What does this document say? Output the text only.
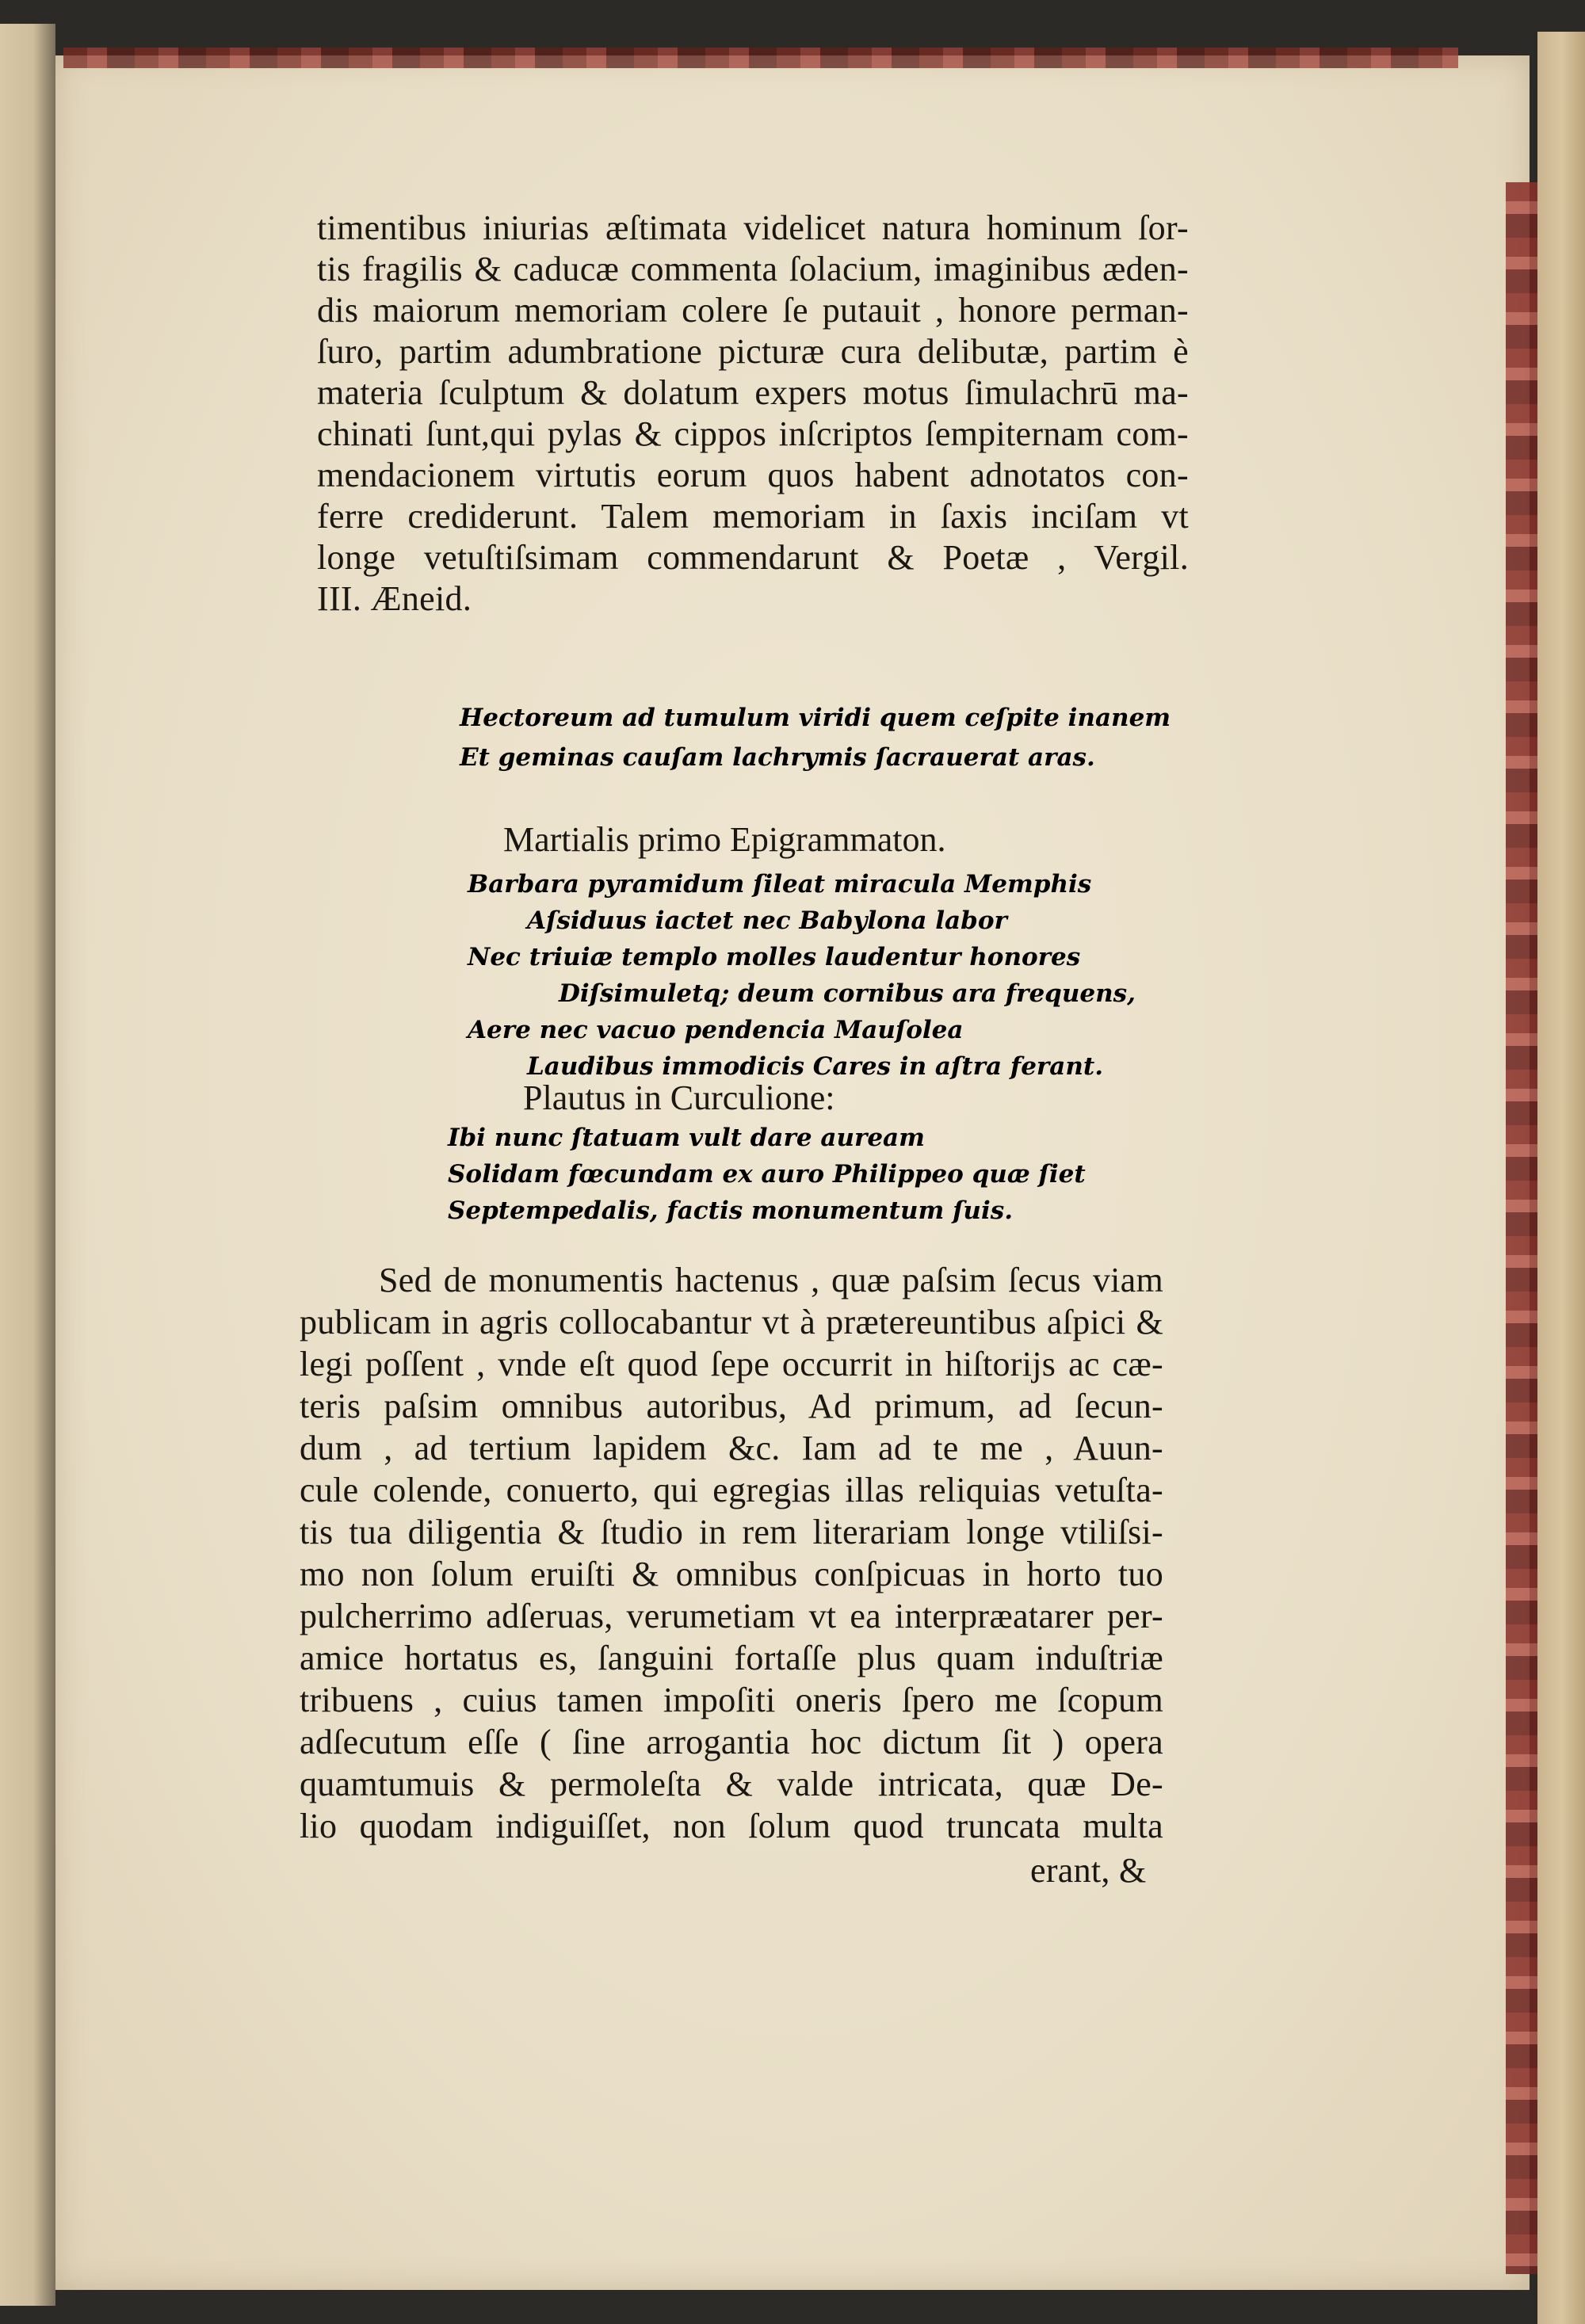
timentibus iniurias æſtimata videlicet natura hominum ſor-
tis fragilis & caducæ commenta ſolacium, imaginibus æden-
dis maiorum memoriam colere ſe putauit , honore perman-
ſuro, partim adumbratione picturæ cura delibutæ, partim è
materia ſculptum & dolatum expers motus ſimulachrū ma-
chinati ſunt,qui pylas & cippos inſcriptos ſempiternam com-
mendacionem virtutis eorum quos habent adnotatos con-
ferre crediderunt. Talem memoriam in ſaxis inciſam vt
longe vetuſtiſsimam commendarunt & Poetæ , Vergil.
III. Æneid.
Hectoreum ad tumulum viridi quem ceſpite inanem
Et geminas cauſam lachrymis ſacrauerat aras.
Martialis primo Epigrammaton.
Barbara pyramidum ſileat miracula Memphis
Aſsiduus iactet nec Babylona labor
Nec triuiæ templo molles laudentur honores
Diſsimuletq; deum cornibus ara frequens,
Aere nec vacuo pendencia Mauſolea
Laudibus immodicis Cares in aſtra ferant.
Plautus in Curculione:
Ibi nunc ſtatuam vult dare auream
Solidam fœcundam ex auro Philippeo quæ ſiet
Septempedalis, factis monumentum ſuis.
Sed de monumentis hactenus , quæ paſsim ſecus viam
publicam in agris collocabantur vt à prætereuntibus aſpici &
legi poſſent , vnde eſt quod ſepe occurrit in hiſtorijs ac cæ-
teris paſsim omnibus autoribus, Ad primum, ad ſecun-
dum , ad tertium lapidem &c. Iam ad te me , Auun-
cule colende, conuerto, qui egregias illas reliquias vetuſta-
tis tua diligentia & ſtudio in rem literariam longe vtiliſsi-
mo non ſolum eruiſti & omnibus conſpicuas in horto tuo
pulcherrimo adſeruas, verumetiam vt ea interpræatarer per-
amice hortatus es, ſanguini fortaſſe plus quam induſtriæ
tribuens , cuius tamen impoſiti oneris ſpero me ſcopum
adſecutum eſſe ( ſine arrogantia hoc dictum ſit ) opera
quamtumuis & permoleſta & valde intricata, quæ De-
lio quodam indiguiſſet, non ſolum quod truncata multa
erant, &
